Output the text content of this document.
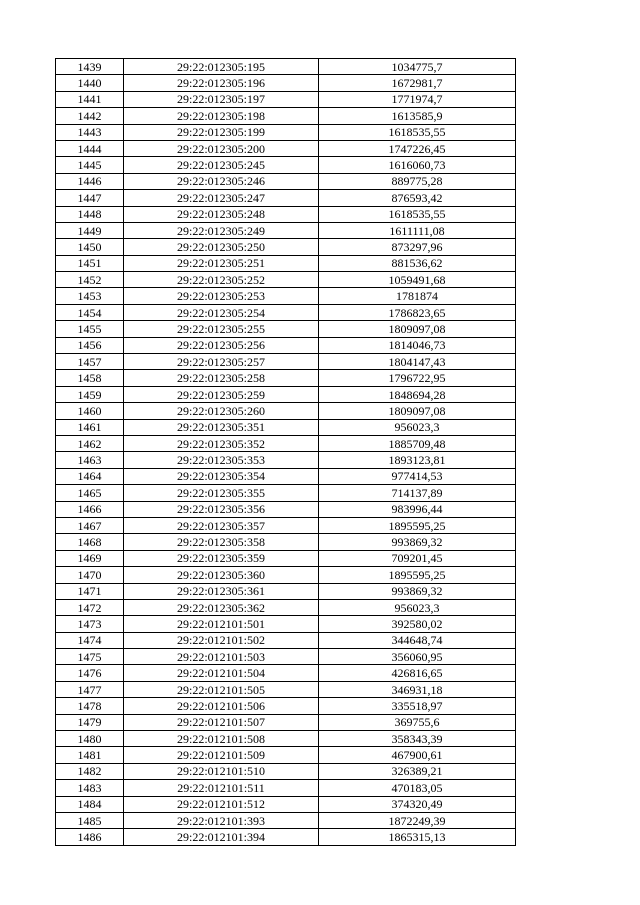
1439	29:22:012305:195	1034775,7
1440	29:22:012305:196	1672981,7
1441	29:22:012305:197	1771974,7
1442	29:22:012305:198	1613585,9
1443	29:22:012305:199	1618535,55
1444	29:22:012305:200	1747226,45
1445	29:22:012305:245	1616060,73
1446	29:22:012305:246	889775,28
1447	29:22:012305:247	876593,42
1448	29:22:012305:248	1618535,55
1449	29:22:012305:249	1611111,08
1450	29:22:012305:250	873297,96
1451	29:22:012305:251	881536,62
1452	29:22:012305:252	1059491,68
1453	29:22:012305:253	1781874
1454	29:22:012305:254	1786823,65
1455	29:22:012305:255	1809097,08
1456	29:22:012305:256	1814046,73
1457	29:22:012305:257	1804147,43
1458	29:22:012305:258	1796722,95
1459	29:22:012305:259	1848694,28
1460	29:22:012305:260	1809097,08
1461	29:22:012305:351	956023,3
1462	29:22:012305:352	1885709,48
1463	29:22:012305:353	1893123,81
1464	29:22:012305:354	977414,53
1465	29:22:012305:355	714137,89
1466	29:22:012305:356	983996,44
1467	29:22:012305:357	1895595,25
1468	29:22:012305:358	993869,32
1469	29:22:012305:359	709201,45
1470	29:22:012305:360	1895595,25
1471	29:22:012305:361	993869,32
1472	29:22:012305:362	956023,3
1473	29:22:012101:501	392580,02
1474	29:22:012101:502	344648,74
1475	29:22:012101:503	356060,95
1476	29:22:012101:504	426816,65
1477	29:22:012101:505	346931,18
1478	29:22:012101:506	335518,97
1479	29:22:012101:507	369755,6
1480	29:22:012101:508	358343,39
1481	29:22:012101:509	467900,61
1482	29:22:012101:510	326389,21
1483	29:22:012101:511	470183,05
1484	29:22:012101:512	374320,49
1485	29:22:012101:393	1872249,39
1486	29:22:012101:394	1865315,13
